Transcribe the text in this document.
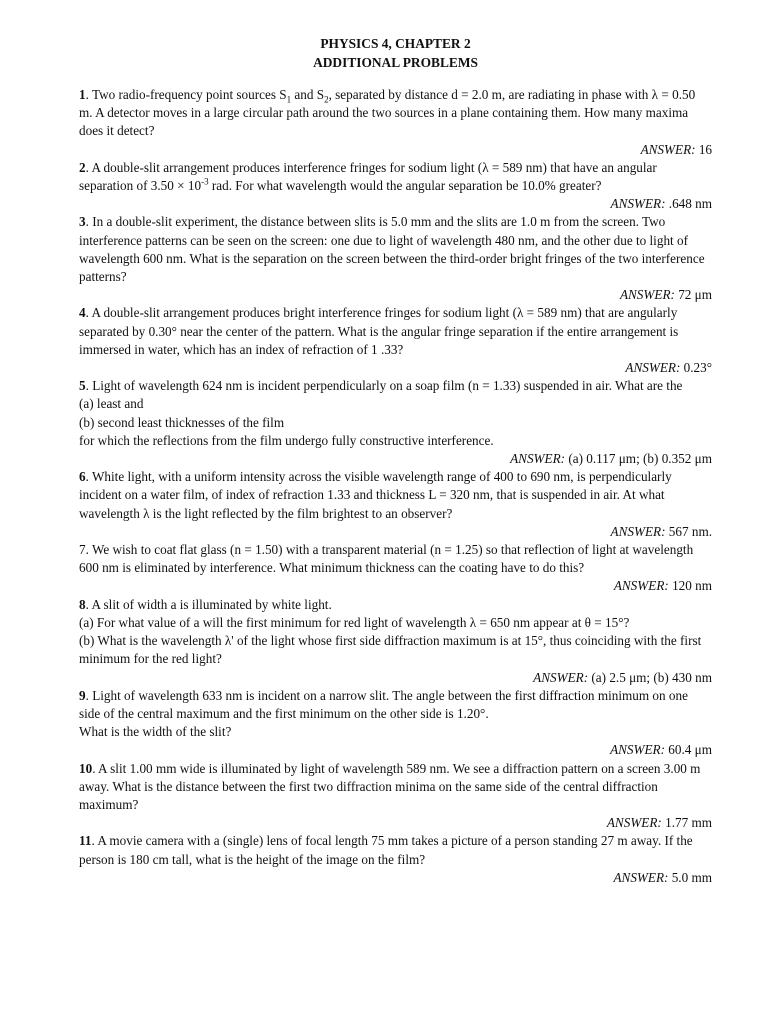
PHYSICS 4, CHAPTER 2
ADDITIONAL PROBLEMS

1. Two radio-frequency point sources $S_1$ and $S_2$, separated by distance d = 2.0 m, are radiating in phase with λ = 0.50 m. A detector moves in a large circular path around the two sources in a plane containing them. How many maxima does it detect?

ANSWER: 16

2. A double-slit arrangement produces interference fringes for sodium light (λ = 589 nm) that have an angular separation of $3.50 \times 10^{-3}$ rad. For what wavelength would the angular separation be 10.0% greater?

ANSWER: .648 nm

3. In a double-slit experiment, the distance between slits is 5.0 mm and the slits are 1.0 m from the screen. Two interference patterns can be seen on the screen: one due to light of wavelength 480 nm, and the other due to light of wavelength 600 nm. What is the separation on the screen between the third-order bright fringes of the two interference patterns?

ANSWER: 72 μm

4. A double-slit arrangement produces bright interference fringes for sodium light (λ = 589 nm) that are angularly separated by 0.30° near the center of the pattern. What is the angular fringe separation if the entire arrangement is immersed in water, which has an index of refraction of 1 .33?

ANSWER: 0.23°

5. Light of wavelength 624 nm is incident perpendicularly on a soap film (n = 1.33) suspended in air. What are the
(a) least and
(b) second least thicknesses of the film
for which the reflections from the film undergo fully constructive interference.

ANSWER: (a) 0.117 μm; (b) 0.352 μm

6. White light, with a uniform intensity across the visible wavelength range of 400 to 690 nm, is perpendicularly incident on a water film, of index of refraction 1.33 and thickness L = 320 nm, that is suspended in air. At what wavelength λ is the light reflected by the film brightest to an observer?

ANSWER: 567 nm.

7. We wish to coat flat glass (n = 1.50) with a transparent material (n = 1.25) so that reflection of light at wavelength 600 nm is eliminated by interference. What minimum thickness can the coating have to do this?

ANSWER: 120 nm

8. A slit of width a is illuminated by white light.
(a) For what value of a will the first minimum for red light of wavelength λ = 650 nm appear at θ = 15°?
(b) What is the wavelength λ' of the light whose first side diffraction maximum is at 15°, thus coinciding with the first minimum for the red light?

ANSWER: (a) 2.5 μm; (b) 430 nm

9. Light of wavelength 633 nm is incident on a narrow slit. The angle between the first diffraction minimum on one side of the central maximum and the first minimum on the other side is 1.20°.
What is the width of the slit?

ANSWER: 60.4 μm

10. A slit 1.00 mm wide is illuminated by light of wavelength 589 nm. We see a diffraction pattern on a screen 3.00 m away. What is the distance between the first two diffraction minima on the same side of the central diffraction maximum?

ANSWER: 1.77 mm

11. A movie camera with a (single) lens of focal length 75 mm takes a picture of a person standing 27 m away. If the person is 180 cm tall, what is the height of the image on the film?

ANSWER: 5.0 mm
